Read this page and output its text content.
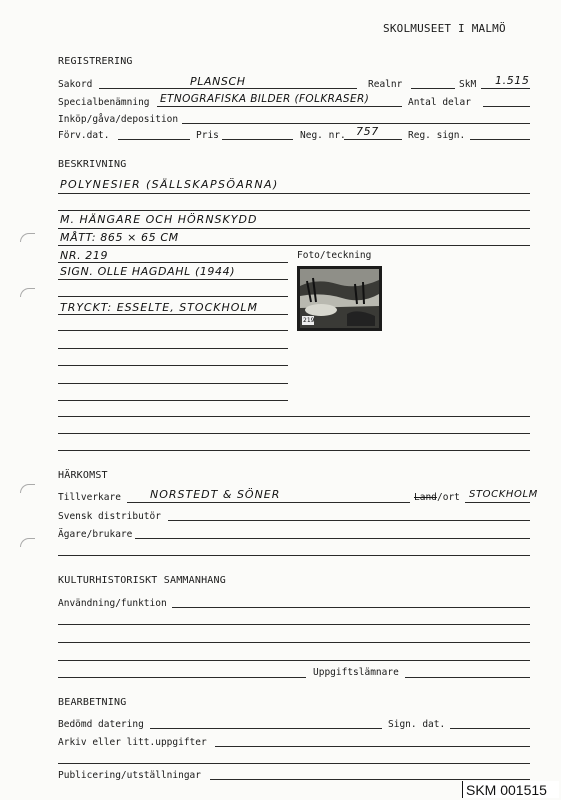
SKOLMUSEET I MALMÖ
REGISTRERING
Sakord	PLANSCH	Realnr	SkM 1.515
Specialbenämning ETNOGRAFISKA BILDER (FOLKRASER)	Antal delar
Inköp/gåva/deposition
Förv.dat.	Pris	Neg. nr. 757	Reg. sign.
BESKRIVNING
POLYNESIER (SÄLLSKAPSÖARNA)
M. HÄNGARE OCH HÖRNSKYDD
MÅTT: 865 × 65 CM
NR. 219	Foto/teckning
SIGN. OLLE HAGDAHL (1944)
TRYCKT: ESSELTE, STOCKHOLM
219
HÄRKOMST
Tillverkare	NORSTEDT & SÖNER	Land /ort STOCKHOLM
Svensk distributör
Ägare/brukare
KULTURHISTORISKT SAMMANHANG
Användning/funktion
Uppgiftslämnare
BEARBETNING
Bedömd datering	Sign. dat.
Arkiv eller litt.uppgifter
Publicering/utställningar
SKM 001515
